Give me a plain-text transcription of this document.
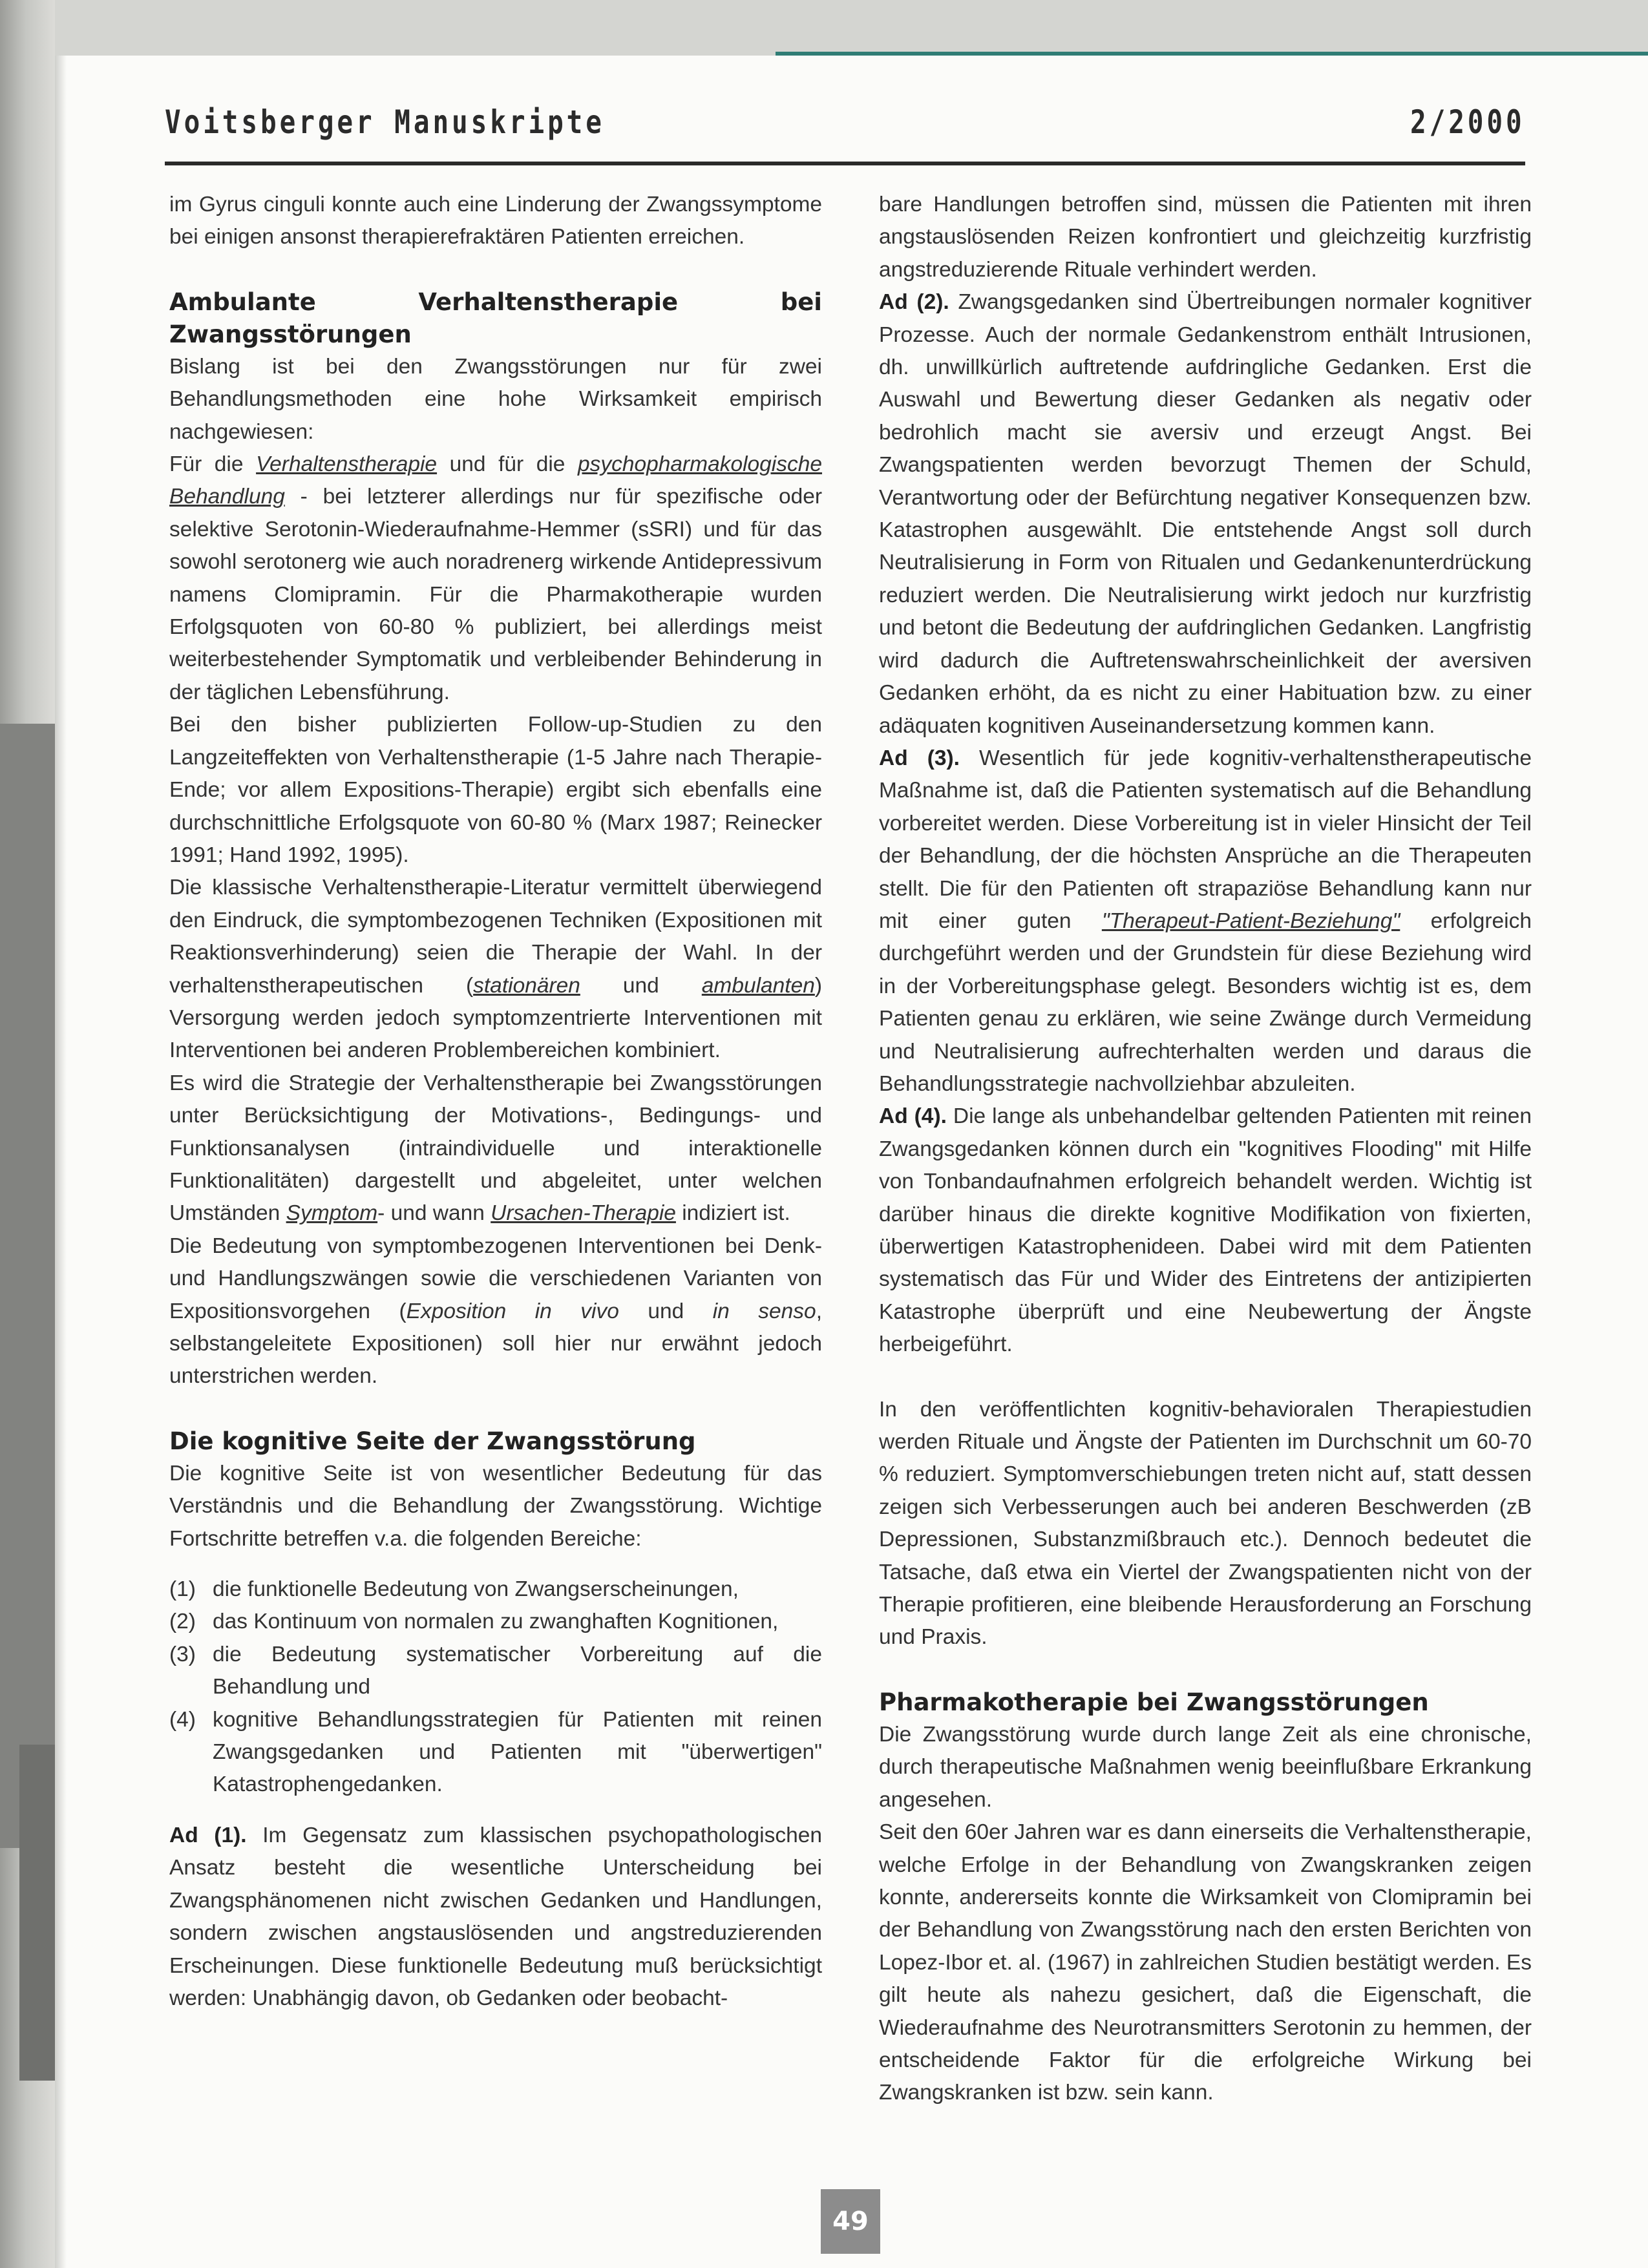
Voitsberger Manuskripte	2/2000

im Gyrus cinguli konnte auch eine Linderung der Zwangssymptome bei einigen ansonst therapierefraktären Patienten erreichen.

Ambulante Verhaltenstherapie bei Zwangsstörungen

Bislang ist bei den Zwangsstörungen nur für zwei Behandlungsmethoden eine hohe Wirksamkeit empirisch nachgewiesen:

Für die Verhaltenstherapie und für die psychopharmakologische Behandlung - bei letzterer allerdings nur für spezifische oder selektive Serotonin-Wiederaufnahme-Hemmer (sSRI) und für das sowohl serotonerg wie auch noradrenerg wirkende Antidepressivum namens Clomipramin. Für die Pharmakotherapie wurden Erfolgsquoten von 60-80 % publiziert, bei allerdings meist weiterbestehender Symptomatik und verbleibender Behinderung in der täglichen Lebensführung.

Bei den bisher publizierten Follow-up-Studien zu den Langzeiteffekten von Verhaltenstherapie (1-5 Jahre nach Therapie-Ende; vor allem Expositions-Therapie) ergibt sich ebenfalls eine durchschnittliche Erfolgsquote von 60-80 % (Marx 1987; Reinecker 1991; Hand 1992, 1995).

Die klassische Verhaltenstherapie-Literatur vermittelt überwiegend den Eindruck, die symptombezogenen Techniken (Expositionen mit Reaktionsverhinderung) seien die Therapie der Wahl. In der verhaltenstherapeutischen (stationären und ambulanten) Versorgung werden jedoch symptomzentrierte Interventionen mit Interventionen bei anderen Problembereichen kombiniert.

Es wird die Strategie der Verhaltenstherapie bei Zwangsstörungen unter Berücksichtigung der Motivations-, Bedingungs- und Funktionsanalysen (intraindividuelle und interaktionelle Funktionalitäten) dargestellt und abgeleitet, unter welchen Umständen Symptom- und wann Ursachen-Therapie indiziert ist.

Die Bedeutung von symptombezogenen Interventionen bei Denk- und Handlungszwängen sowie die verschiedenen Varianten von Expositionsvorgehen (Exposition in vivo und in senso, selbstangeleitete Expositionen) soll hier nur erwähnt jedoch unterstrichen werden.

Die kognitive Seite der Zwangsstörung

Die kognitive Seite ist von wesentlicher Bedeutung für das Verständnis und die Behandlung der Zwangsstörung. Wichtige Fortschritte betreffen v.a. die folgenden Bereiche:

(1) die funktionelle Bedeutung von Zwangserscheinungen,
(2) das Kontinuum von normalen zu zwanghaften Kognitionen,
(3) die Bedeutung systematischer Vorbereitung auf die Behandlung und
(4) kognitive Behandlungsstrategien für Patienten mit reinen Zwangsgedanken und Patienten mit "überwertigen" Katastrophengedanken.

Ad (1). Im Gegensatz zum klassischen psychopathologischen Ansatz besteht die wesentliche Unterscheidung bei Zwangsphänomenen nicht zwischen Gedanken und Handlungen, sondern zwischen angstauslösenden und angstreduzierenden Erscheinungen. Diese funktionelle Bedeutung muß berücksichtigt werden: Unabhängig davon, ob Gedanken oder beobacht-

bare Handlungen betroffen sind, müssen die Patienten mit ihren angstauslösenden Reizen konfrontiert und gleichzeitig kurzfristig angstreduzierende Rituale verhindert werden.

Ad (2). Zwangsgedanken sind Übertreibungen normaler kognitiver Prozesse. Auch der normale Gedankenstrom enthält Intrusionen, dh. unwillkürlich auftretende aufdringliche Gedanken. Erst die Auswahl und Bewertung dieser Gedanken als negativ oder bedrohlich macht sie aversiv und erzeugt Angst. Bei Zwangspatienten werden bevorzugt Themen der Schuld, Verantwortung oder der Befürchtung negativer Konsequenzen bzw. Katastrophen ausgewählt. Die entstehende Angst soll durch Neutralisierung in Form von Ritualen und Gedankenunterdrückung reduziert werden. Die Neutralisierung wirkt jedoch nur kurzfristig und betont die Bedeutung der aufdringlichen Gedanken. Langfristig wird dadurch die Auftretenswahrscheinlichkeit der aversiven Gedanken erhöht, da es nicht zu einer Habituation bzw. zu einer adäquaten kognitiven Auseinandersetzung kommen kann.

Ad (3). Wesentlich für jede kognitiv-verhaltenstherapeutische Maßnahme ist, daß die Patienten systematisch auf die Behandlung vorbereitet werden. Diese Vorbereitung ist in vieler Hinsicht der Teil der Behandlung, der die höchsten Ansprüche an die Therapeuten stellt. Die für den Patienten oft strapaziöse Behandlung kann nur mit einer guten "Therapeut-Patient-Beziehung" erfolgreich durchgeführt werden und der Grundstein für diese Beziehung wird in der Vorbereitungsphase gelegt. Besonders wichtig ist es, dem Patienten genau zu erklären, wie seine Zwänge durch Vermeidung und Neutralisierung aufrechterhalten werden und daraus die Behandlungsstrategie nachvollziehbar abzuleiten.

Ad (4). Die lange als unbehandelbar geltenden Patienten mit reinen Zwangsgedanken können durch ein "kognitives Flooding" mit Hilfe von Tonbandaufnahmen erfolgreich behandelt werden. Wichtig ist darüber hinaus die direkte kognitive Modifikation von fixierten, überwertigen Katastrophenideen. Dabei wird mit dem Patienten systematisch das Für und Wider des Eintretens der antizipierten Katastrophe überprüft und eine Neubewertung der Ängste herbeigeführt.

In den veröffentlichten kognitiv-behavioralen Therapiestudien werden Rituale und Ängste der Patienten im Durchschnit um 60-70 % reduziert. Symptomverschiebungen treten nicht auf, statt dessen zeigen sich Verbesserungen auch bei anderen Beschwerden (zB Depressionen, Substanzmißbrauch etc.). Dennoch bedeutet die Tatsache, daß etwa ein Viertel der Zwangspatienten nicht von der Therapie profitieren, eine bleibende Herausforderung an Forschung und Praxis.

Pharmakotherapie bei Zwangsstörungen

Die Zwangsstörung wurde durch lange Zeit als eine chronische, durch therapeutische Maßnahmen wenig beeinflußbare Erkrankung angesehen.

Seit den 60er Jahren war es dann einerseits die Verhaltenstherapie, welche Erfolge in der Behandlung von Zwangskranken zeigen konnte, andererseits konnte die Wirksamkeit von Clomipramin bei der Behandlung von Zwangsstörung nach den ersten Berichten von Lopez-Ibor et. al. (1967) in zahlreichen Studien bestätigt werden. Es gilt heute als nahezu gesichert, daß die Eigenschaft, die Wiederaufnahme des Neurotransmitters Serotonin zu hemmen, der entscheidende Faktor für die erfolgreiche Wirkung bei Zwangskranken ist bzw. sein kann.

49
